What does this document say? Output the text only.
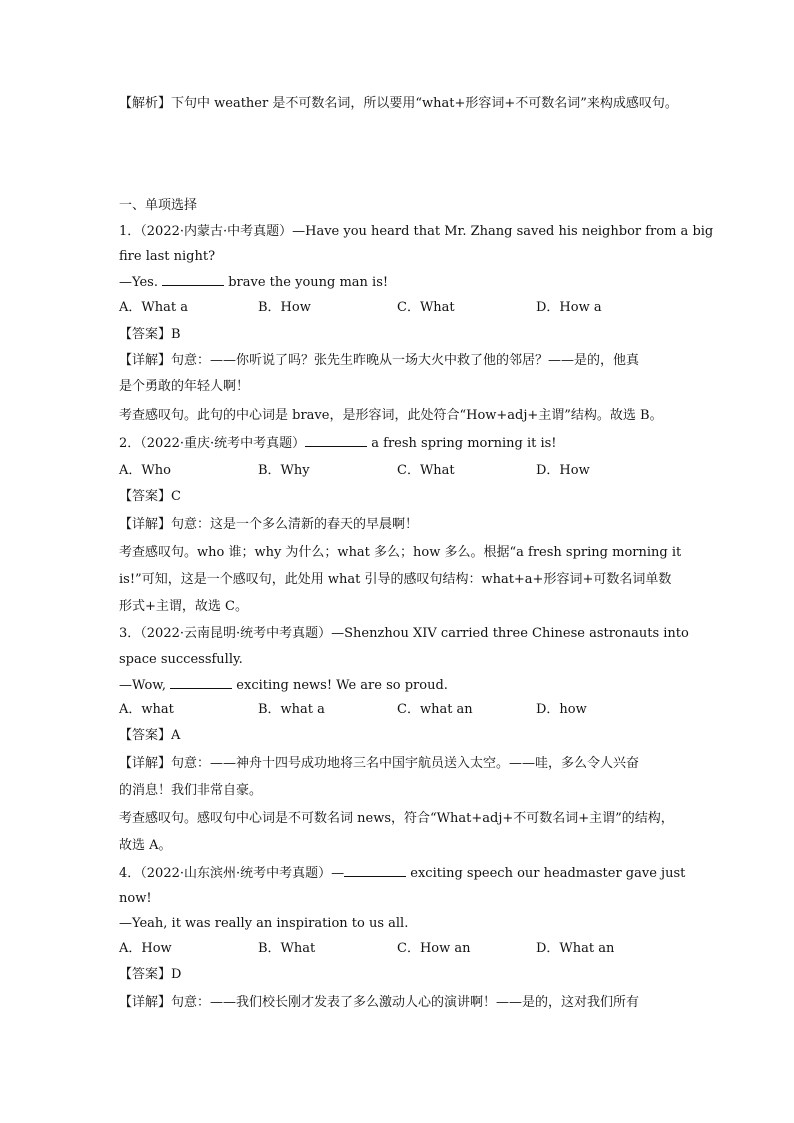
【解析】下句中 weather 是不可数名词，所以要用“what+形容词+不可数名词”来构成感叹句。
一、单项选择
1．（2022·内蒙古·中考真题）—Have you heard that Mr. Zhang saved his neighbor from a big
fire last night?
—Yes.	brave the young man is!
A．What a	B．How	C．What	D．How a
【答案】B
【详解】句意：——你听说了吗？张先生昨晚从一场大火中救了他的邻居？——是的，他真
是个勇敢的年轻人啊！
考查感叹句。此句的中心词是 brave，是形容词，此处符合“How+adj+主谓”结构。故选 B。
2．（2022·重庆·统考中考真题）	a fresh spring morning it is!
A．Who	B．Why	C．What	D．How
【答案】C
【详解】句意：这是一个多么清新的春天的早晨啊！
考查感叹句。who 谁；why 为什么；what 多么；how 多么。根据“a fresh spring morning it
is!”可知，这是一个感叹句，此处用 what 引导的感叹句结构：what+a+形容词+可数名词单数
形式+主谓，故选 C。
3．（2022·云南昆明·统考中考真题）—Shenzhou XIV carried three Chinese astronauts into
space successfully.
—Wow,	exciting news! We are so proud.
A．what	B．what a	C．what an	D．how
【答案】A
【详解】句意：——神舟十四号成功地将三名中国宇航员送入太空。——哇，多么令人兴奋
的消息！我们非常自豪。
考查感叹句。感叹句中心词是不可数名词 news，符合“What+adj+不可数名词+主谓”的结构，
故选 A。
4．（2022·山东滨州·统考中考真题）—	exciting speech our headmaster gave just
now!
—Yeah, it was really an inspiration to us all.
A．How	B．What	C．How an	D．What an
【答案】D
【详解】句意：——我们校长刚才发表了多么激动人心的演讲啊！——是的，这对我们所有
